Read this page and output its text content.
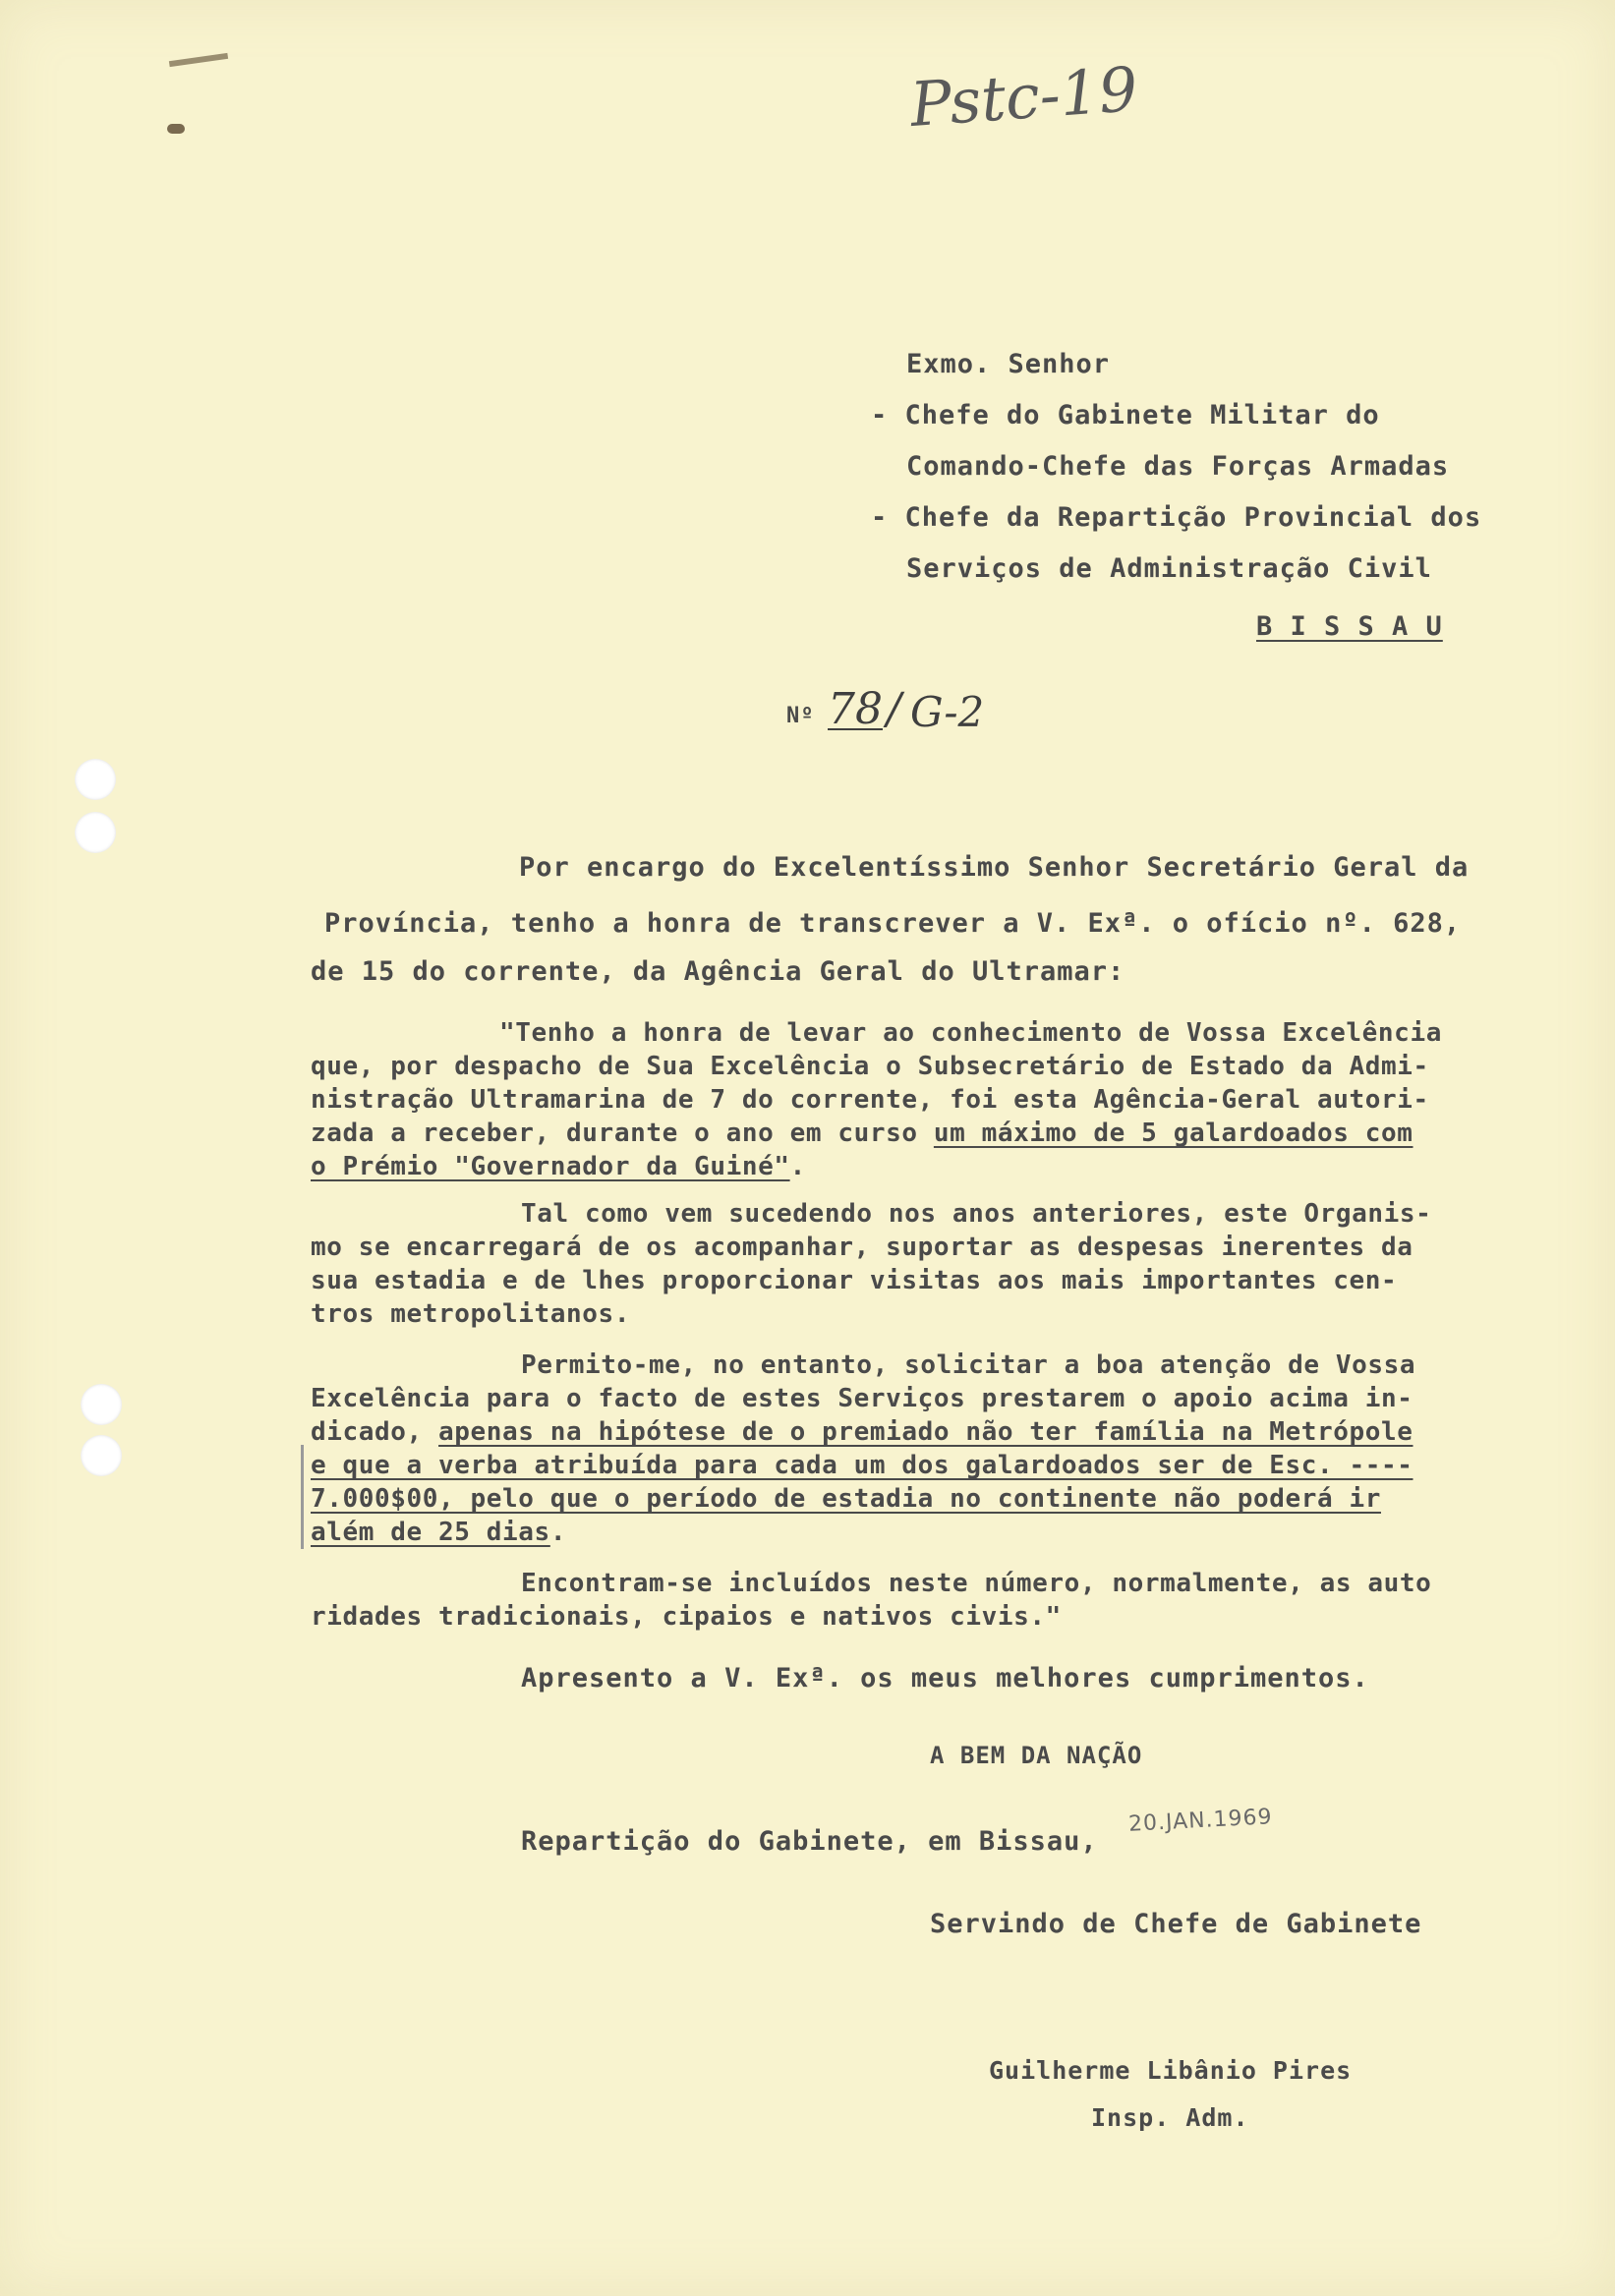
Pstc-19
Exmo. Senhor
- Chefe do Gabinete Militar do
Comando-Chefe das Forças Armadas
- Chefe da Repartição Provincial dos
Serviços de Administração Civil
B I S S A U
Nº 78 / G-2
Por encargo do Excelentíssimo Senhor Secretário Geral da
Província, tenho a honra de transcrever a V. Exª. o ofício nº. 628,
de 15 do corrente, da Agência Geral do Ultramar:
"Tenho a honra de levar ao conhecimento de Vossa Excelência
que, por despacho de Sua Excelência o Subsecretário de Estado da Admi-
nistração Ultramarina de 7 do corrente, foi esta Agência-Geral autori-
zada a receber, durante o ano em curso um máximo de 5 galardoados com
o Prémio "Governador da Guiné".
Tal como vem sucedendo nos anos anteriores, este Organis-
mo se encarregará de os acompanhar, suportar as despesas inerentes da
sua estadia e de lhes proporcionar visitas aos mais importantes cen-
tros metropolitanos.
Permito-me, no entanto, solicitar a boa atenção de Vossa
Excelência para o facto de estes Serviços prestarem o apoio acima in-
dicado, apenas na hipótese de o premiado não ter família na Metrópole
e que a verba atribuída para cada um dos galardoados ser de Esc. ----
7.000$00, pelo que o período de estadia no continente não poderá ir
além de 25 dias.
Encontram-se incluídos neste número, normalmente, as auto
ridades tradicionais, cipaios e nativos civis."
Apresento a V. Exª. os meus melhores cumprimentos.
A BEM DA NAÇÃO
Repartição do Gabinete, em Bissau,
20.JAN.1969
Servindo de Chefe de Gabinete
Guilherme Libânio Pires
Insp. Adm.
